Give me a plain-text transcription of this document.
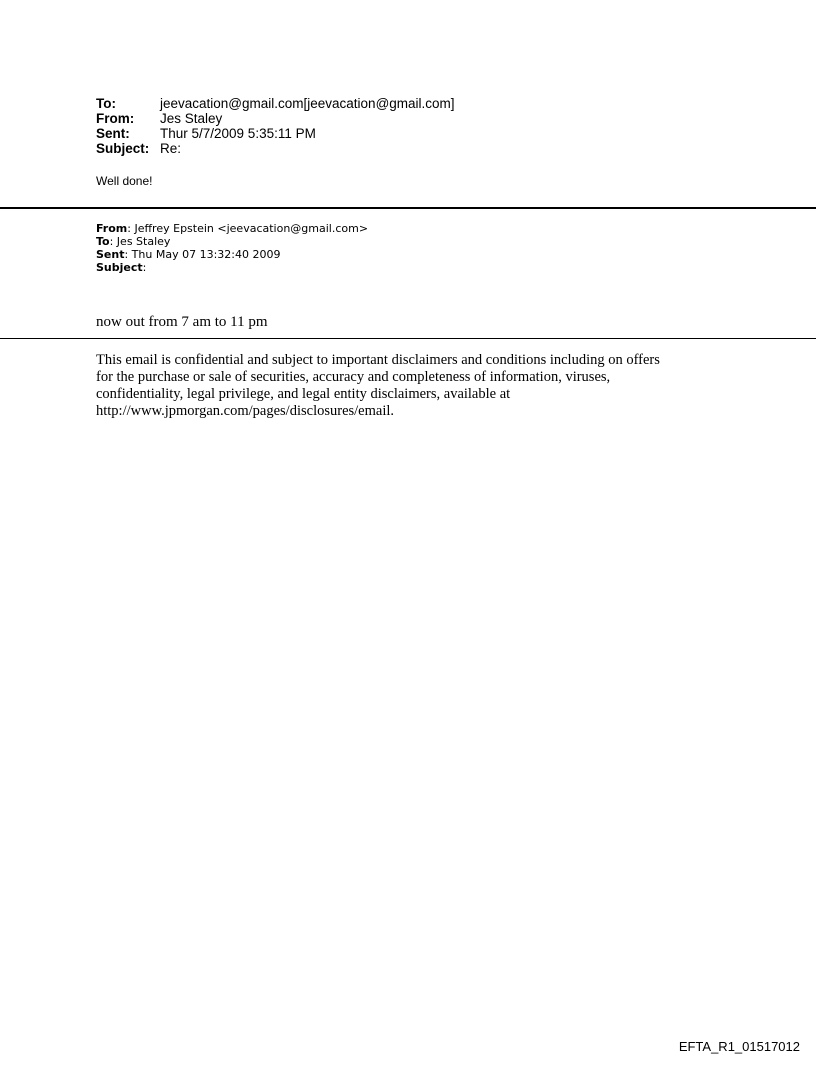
To:	jeevacation@gmail.com[jeevacation@gmail.com]
From:	Jes Staley
Sent:	Thur 5/7/2009 5:35:11 PM
Subject: Re:
Well done!
From: Jeffrey Epstein <jeevacation@gmail.com>
To: Jes Staley
Sent: Thu May 07 13:32:40 2009
Subject:
now out from 7 am to 11 pm
This email is confidential and subject to important disclaimers and conditions including on offers
for the purchase or sale of securities, accuracy and completeness of information, viruses,
confidentiality, legal privilege, and legal entity disclaimers, available at
http://www.jpmorgan.com/pages/disclosures/email.
EFTA_R1_01517012
